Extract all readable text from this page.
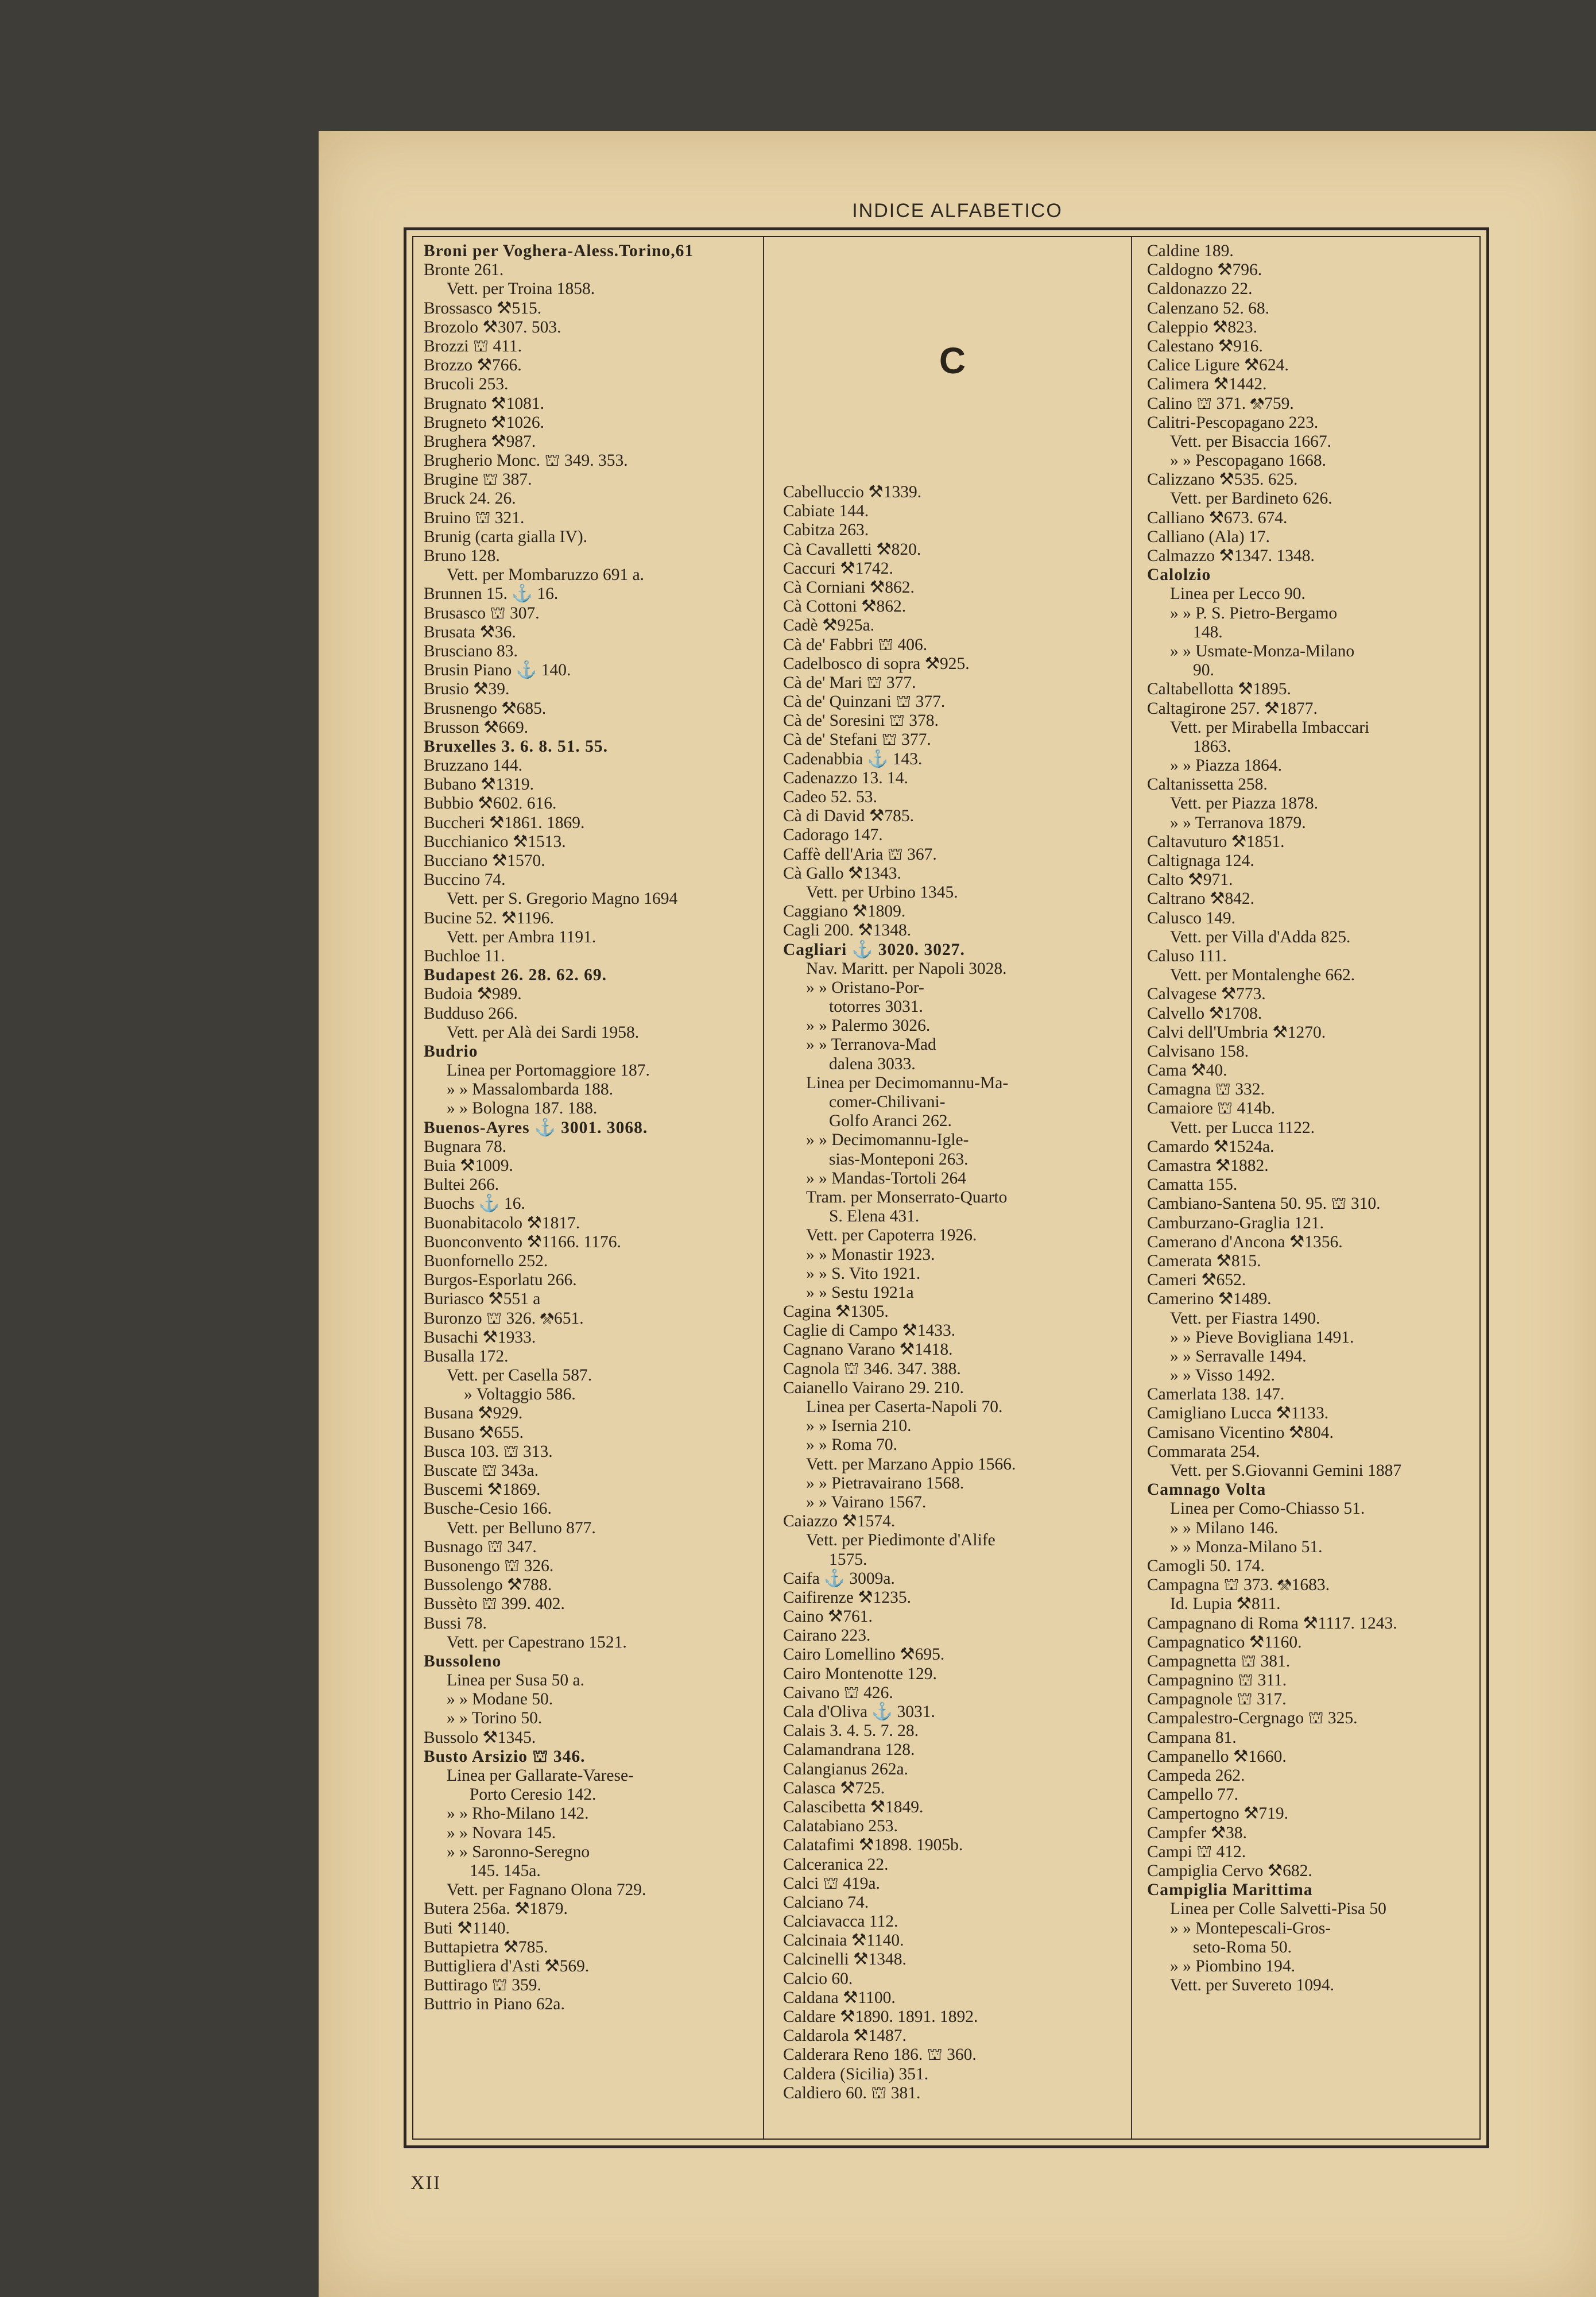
INDICE ALFABETICO
C
Broni per Voghera-Aless.Torino,61
Bronte 261.
Vett. per Troina 1858.
Brossasco ⚒515.
Brozolo ⚒307. 503.
Brozzi ⛫ 411.
Brozzo ⚒766.
Brucoli 253.
Brugnato ⚒1081.
Brugneto ⚒1026.
Brughera ⚒987.
Brugherio Monc. ⛫ 349. 353.
Brugine ⛫ 387.
Bruck 24. 26.
Bruino ⛫ 321.
Brunig (carta gialla IV).
Bruno 128.
Vett. per Mombaruzzo 691 a.
Brunnen 15. ⚓ 16.
Brusasco ⛫ 307.
Brusata ⚒36.
Brusciano 83.
Brusin Piano ⚓ 140.
Brusio ⚒39.
Brusnengo ⚒685.
Brusson ⚒669.
Bruxelles 3. 6. 8. 51. 55.
Bruzzano 144.
Bubano ⚒1319.
Bubbio ⚒602. 616.
Buccheri ⚒1861. 1869.
Bucchianico ⚒1513.
Bucciano ⚒1570.
Buccino 74.
Vett. per S. Gregorio Magno 1694
Bucine 52. ⚒1196.
Vett. per Ambra 1191.
Buchloe 11.
Budapest 26. 28. 62. 69.
Budoia ⚒989.
Budduso 266.
Vett. per Alà dei Sardi 1958.
Budrio
Linea per Portomaggiore 187.
» » Massalombarda 188.
» » Bologna 187. 188.
Buenos-Ayres ⚓ 3001. 3068.
Bugnara 78.
Buia ⚒1009.
Bultei 266.
Buochs ⚓ 16.
Buonabitacolo ⚒1817.
Buonconvento ⚒1166. 1176.
Buonfornello 252.
Burgos-Esporlatu 266.
Buriasco ⚒551 a
Buronzo ⛫ 326. ⚒651.
Busachi ⚒1933.
Busalla 172.
Vett. per Casella 587.
» Voltaggio 586.
Busana ⚒929.
Busano ⚒655.
Busca 103. ⛫ 313.
Buscate ⛫ 343a.
Buscemi ⚒1869.
Busche-Cesio 166.
Vett. per Belluno 877.
Busnago ⛫ 347.
Busonengo ⛫ 326.
Bussolengo ⚒788.
Bussèto ⛫ 399. 402.
Bussi 78.
Vett. per Capestrano 1521.
Bussoleno
Linea per Susa 50 a.
» » Modane 50.
» » Torino 50.
Bussolo ⚒1345.
Busto Arsizio ⛫ 346.
Linea per Gallarate-Varese-
Porto Ceresio 142.
» » Rho-Milano 142.
» » Novara 145.
» » Saronno-Seregno
145. 145a.
Vett. per Fagnano Olona 729.
Butera 256a. ⚒1879.
Buti ⚒1140.
Buttapietra ⚒785.
Buttigliera d'Asti ⚒569.
Buttirago ⛫ 359.
Buttrio in Piano 62a.
Cabelluccio ⚒1339.
Cabiate 144.
Cabitza 263.
Cà Cavalletti ⚒820.
Caccuri ⚒1742.
Cà Corniani ⚒862.
Cà Cottoni ⚒862.
Cadè ⚒925a.
Cà de' Fabbri ⛫ 406.
Cadelbosco di sopra ⚒925.
Cà de' Mari ⛫ 377.
Cà de' Quinzani ⛫ 377.
Cà de' Soresini ⛫ 378.
Cà de' Stefani ⛫ 377.
Cadenabbia ⚓ 143.
Cadenazzo 13. 14.
Cadeo 52. 53.
Cà di David ⚒785.
Cadorago 147.
Caffè dell'Aria ⛫ 367.
Cà Gallo ⚒1343.
Vett. per Urbino 1345.
Caggiano ⚒1809.
Cagli 200. ⚒1348.
Cagliari ⚓ 3020. 3027.
Nav. Maritt. per Napoli 3028.
» » Oristano-Por-
totorres 3031.
» » Palermo 3026.
» » Terranova-Mad
dalena 3033.
Linea per Decimomannu-Ma-
comer-Chilivani-
Golfo Aranci 262.
» » Decimomannu-Igle-
sias-Monteponi 263.
» » Mandas-Tortoli 264
Tram. per Monserrato-Quarto
S. Elena 431.
Vett. per Capoterra 1926.
» » Monastir 1923.
» » S. Vito 1921.
» » Sestu 1921a
Cagina ⚒1305.
Caglie di Campo ⚒1433.
Cagnano Varano ⚒1418.
Cagnola ⛫ 346. 347. 388.
Caianello Vairano 29. 210.
Linea per Caserta-Napoli 70.
» » Isernia 210.
» » Roma 70.
Vett. per Marzano Appio 1566.
» » Pietravairano 1568.
» » Vairano 1567.
Caiazzo ⚒1574.
Vett. per Piedimonte d'Alife
1575.
Caifa ⚓ 3009a.
Caifirenze ⚒1235.
Caino ⚒761.
Cairano 223.
Cairo Lomellino ⚒695.
Cairo Montenotte 129.
Caivano ⛫ 426.
Cala d'Oliva ⚓ 3031.
Calais 3. 4. 5. 7. 28.
Calamandrana 128.
Calangianus 262a.
Calasca ⚒725.
Calascibetta ⚒1849.
Calatabiano 253.
Calatafimi ⚒1898. 1905b.
Calceranica 22.
Calci ⛫ 419a.
Calciano 74.
Calciavacca 112.
Calcinaia ⚒1140.
Calcinelli ⚒1348.
Calcio 60.
Caldana ⚒1100.
Caldare ⚒1890. 1891. 1892.
Caldarola ⚒1487.
Calderara Reno 186. ⛫ 360.
Caldera (Sicilia) 351.
Caldiero 60. ⛫ 381.
Caldine 189.
Caldogno ⚒796.
Caldonazzo 22.
Calenzano 52. 68.
Caleppio ⚒823.
Calestano ⚒916.
Calice Ligure ⚒624.
Calimera ⚒1442.
Calino ⛫ 371. ⚒759.
Calitri-Pescopagano 223.
Vett. per Bisaccia 1667.
» » Pescopagano 1668.
Calizzano ⚒535. 625.
Vett. per Bardineto 626.
Calliano ⚒673. 674.
Calliano (Ala) 17.
Calmazzo ⚒1347. 1348.
Calolzio
Linea per Lecco 90.
» » P. S. Pietro-Bergamo
148.
» » Usmate-Monza-Milano
90.
Caltabellotta ⚒1895.
Caltagirone 257. ⚒1877.
Vett. per Mirabella Imbaccari
1863.
» » Piazza 1864.
Caltanissetta 258.
Vett. per Piazza 1878.
» » Terranova 1879.
Caltavuturo ⚒1851.
Caltignaga 124.
Calto ⚒971.
Caltrano ⚒842.
Calusco 149.
Vett. per Villa d'Adda 825.
Caluso 111.
Vett. per Montalenghe 662.
Calvagese ⚒773.
Calvello ⚒1708.
Calvi dell'Umbria ⚒1270.
Calvisano 158.
Cama ⚒40.
Camagna ⛫ 332.
Camaiore ⛫ 414b.
Vett. per Lucca 1122.
Camardo ⚒1524a.
Camastra ⚒1882.
Camatta 155.
Cambiano-Santena 50. 95. ⛫ 310.
Camburzano-Graglia 121.
Camerano d'Ancona ⚒1356.
Camerata ⚒815.
Cameri ⚒652.
Camerino ⚒1489.
Vett. per Fiastra 1490.
» » Pieve Bovigliana 1491.
» » Serravalle 1494.
» » Visso 1492.
Camerlata 138. 147.
Camigliano Lucca ⚒1133.
Camisano Vicentino ⚒804.
Commarata 254.
Vett. per S.Giovanni Gemini 1887
Camnago Volta
Linea per Como-Chiasso 51.
» » Milano 146.
» » Monza-Milano 51.
Camogli 50. 174.
Campagna ⛫ 373. ⚒1683.
Id. Lupia ⚒811.
Campagnano di Roma ⚒1117. 1243.
Campagnatico ⚒1160.
Campagnetta ⛫ 381.
Campagnino ⛫ 311.
Campagnole ⛫ 317.
Campalestro-Cergnago ⛫ 325.
Campana 81.
Campanello ⚒1660.
Campeda 262.
Campello 77.
Campertogno ⚒719.
Campfer ⚒38.
Campi ⛫ 412.
Campiglia Cervo ⚒682.
Campiglia Marittima
Linea per Colle Salvetti-Pisa 50
» » Montepescali-Gros-
seto-Roma 50.
» » Piombino 194.
Vett. per Suvereto 1094.
XII
